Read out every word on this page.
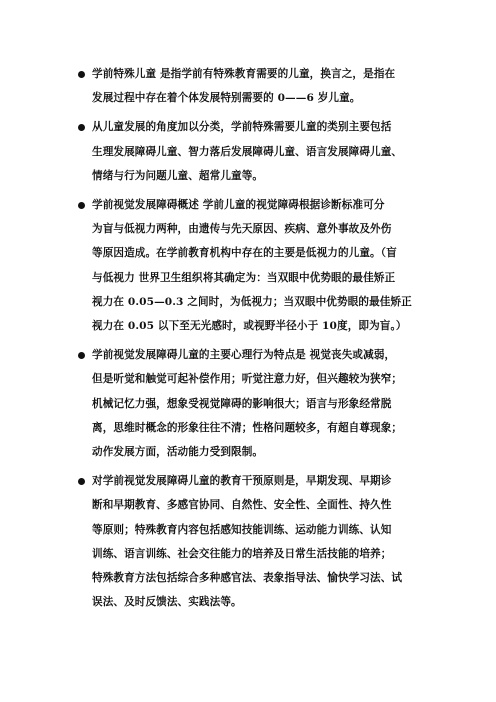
学前特殊儿童 是指学前有特殊教育需要的儿童，换言之，是指在
发展过程中存在着个体发展特别需要的 0——6 岁儿童。
从儿童发展的角度加以分类，学前特殊需要儿童的类别主要包括
生理发展障碍儿童、智力落后发展障碍儿童、语言发展障碍儿童、
情绪与行为问题儿童、超常儿童等。
学前视觉发展障碍概述 学前儿童的视觉障碍根据诊断标准可分
为盲与低视力两种，由遗传与先天原因、疾病、意外事故及外伤
等原因造成。在学前教育机构中存在的主要是低视力的儿童。（盲
与低视力 世界卫生组织将其确定为：当双眼中优势眼的最佳矫正
视力在 0.05—0.3 之间时，为低视力；当双眼中优势眼的最佳矫正
视力在 0.05 以下至无光感时，或视野半径小于 10度，即为盲。）
学前视觉发展障碍儿童的主要心理行为特点是 视觉丧失或减弱，
但是听觉和触觉可起补偿作用；听觉注意力好，但兴趣较为狭窄；
机械记忆力强，想象受视觉障碍的影响很大；语言与形象经常脱
离，思维时概念的形象往往不清；性格问题较多，有超自尊现象；
动作发展方面，活动能力受到限制。
对学前视觉发展障碍儿童的教育干预原则是，早期发现、早期诊
断和早期教育、多感官协同、自然性、安全性、全面性、持久性
等原则；特殊教育内容包括感知技能训练、运动能力训练、认知
训练、语言训练、社会交往能力的培养及日常生活技能的培养；
特殊教育方法包括综合多种感官法、表象指导法、愉快学习法、试
误法、及时反馈法、实践法等。
